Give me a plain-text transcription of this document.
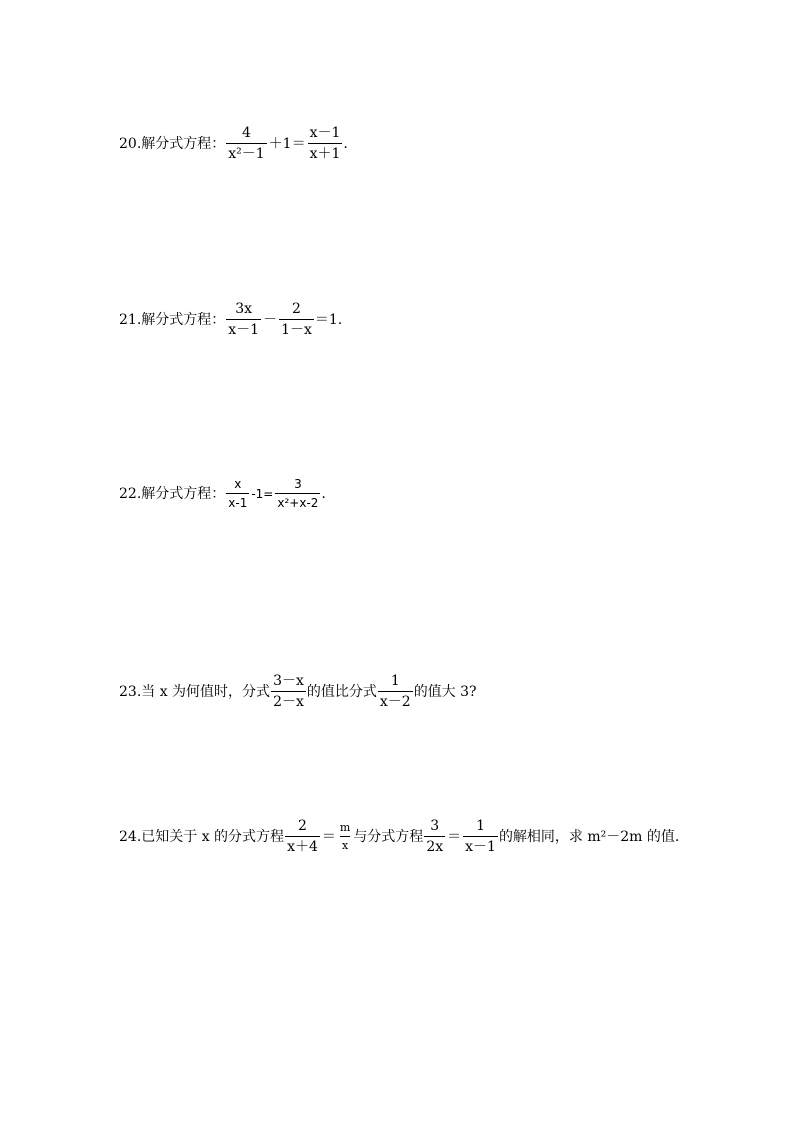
20.解分式方程： $\frac{4}{\text{x²－1}} +1= \frac{x-1}{x+1}$ .
21.解分式方程： $\frac{3x}{x-1} - \frac{2}{1-x} =1$.
22.解分式方程： $\frac{x}{x-1} -1= \frac{3}{\text{x²+x-2}}$ .
23.当 x 为何值时，分式 $\frac{3-x}{2-x}$ 的值比分式 $\frac{1}{x-2}$ 的值大 3?
24.已知关于 x 的分式方程 $\frac{2}{x+4} = \frac{m}{x}$ 与分式方程 $\frac{3}{2x} = \frac{1}{x-1}$ 的解相同，求 m²－2m 的值.
